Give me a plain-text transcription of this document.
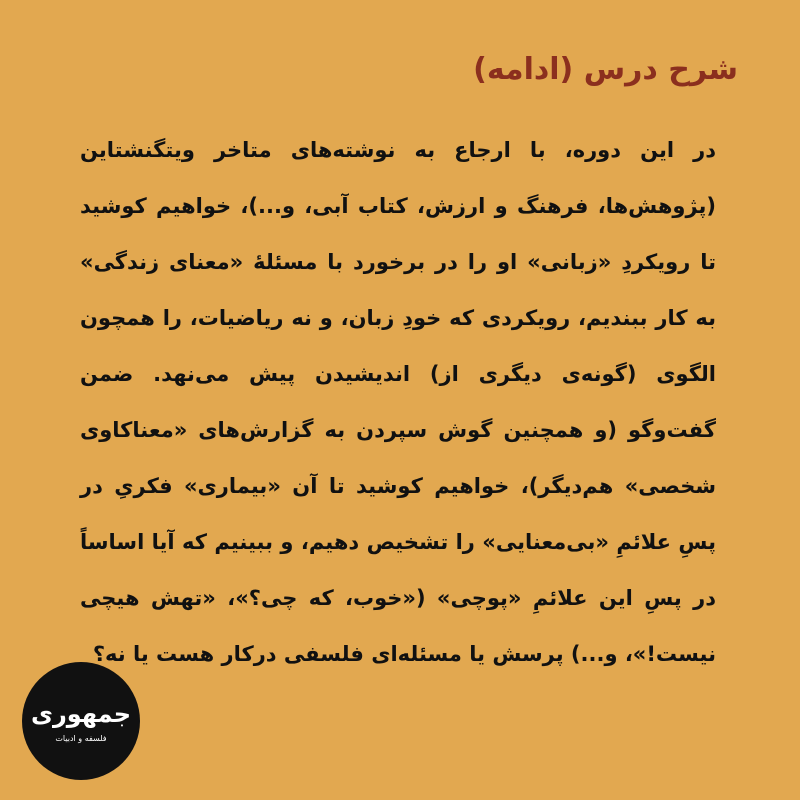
شرح درس (ادامه)

در این دوره، با ارجاع به نوشته‌های متاخر ویتگنشتاین (پژوهش‌ها، فرهنگ و ارزش، کتاب آبی، و...)، خواهیم کوشید تا رویکردِ «زبانی» او را در برخورد با مسئلهٔ «معنای زندگی» به کار ببندیم، رویکردی که خودِ زبان، و نه ریاضیات، را همچون الگوی (گونه‌ی دیگری از) اندیشیدن پیش می‌نهد. ضمن گفت‌وگو (و همچنین گوش سپردن به گزارش‌های «معناکاوی شخصی» هم‌دیگر)، خواهیم کوشید تا آن «بیماری» فکریِ در پسِ علائمِ «بی‌معنایی» را تشخیص دهیم، و ببینیم که آیا اساساً در پسِ این علائمِ «پوچی» («خوب، که چی؟»، «تهش هیچی نیست!»، و...) پرسش یا مسئله‌ای فلسفی درکار هست یا نه؟

جمهوری
فلسفه و ادبیات
